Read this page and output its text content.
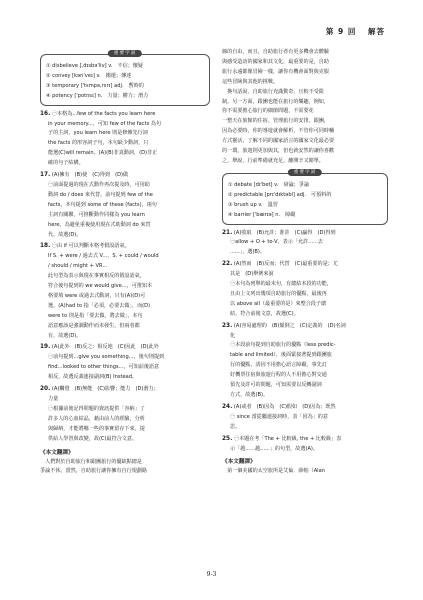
第 9 回 解答
重要字詞
① disbelieve [,dɪsbə'liv] v.　不信；懷疑
② convey [kən'veɪ] v.　搬運；傳達
③ temporary ['tɛmpə,rɛrɪ] adj.　暫時的
④ potency ['potnsɪ] n.　力量；權力；潛力
16. ㊀本格為...few of the facts you learn here
in your memory...，可知 few of the facts 為句
子的主詞，you learn here 則是修飾先行詞
the facts 的形容詞子句，本句缺少動詞，只
能選(C)will remain。(A)(B)非真動詞，(D)非正
確的句子結構。
17. (A)擁有　(B)使　(C)得到　(D)做
㊀前面提過的現在式動作再次提及時，可用助
動詞 do / does 來代替。前句提到 few of the
facts，本句提到 some of these (facts)，兩句
主詞有關聯，可推斷動作同樣為 you learn
here，為避免重複使用現在式助動詞 do 來替
代，故選(D)。
18. ㊀由 if 可以判斷本格考假設語氣。
If S. + were / 過去式 V...，S. + could / would
/ should / might + VR...
此句型為表示與現在事實相反的假設語氣，
符合後句提到的 we would give...，可推知本
格要填 were 或過去式動詞，只有(A)(D)可
選，(A)had to 指「必須，必要去做」，而(D)
were to 則是指「要去做，將去做」，本句
語意應該是強調動作而未發生，但兩者都
有，故選(D)。
19. (A)此外　(B)反之：相反地　(C)因此　(D)此外
㊀前句提到...give you something...，後句則提到
find...looked to other things...，可知前後語意
相反，故選反義連接副詞(B) Instead。
20. (A)觸覺　(B)無能　(C)影響；能力　(D)潛力；
力量
㊀根據前後記得問題的資訊提供「容納」了
許多人的心血結晶，藉由前人的經驗，分析
與歸納，才能將哪一些的事實留存下來，提
供給人學習與改變，故(C)最符合文意。
《本文翻譯》
　人們對於自助旅行和跟團旅行的優缺點總是
爭論不休。當然，自助旅行讓你擁有自行規劃路
線的自由，而且，自助旅行者有更多機會去體驗
與感受造訪的國家和其文化，最重要的是，自助
旅行永遠都像冒險一樣，讓你有機會面對與克服
這些冒險與其他的挑戰。
　換句話說，自助旅行充滿驚奇，且較不受限
制。另一方面，跟團也能在旅行的樂趣，例如，
你不需要擔心旅行的細節問題，不需要花
一整天在旅館的住宿、管理旅行的安排，跟團，
因為必要時，你的導遊就會解析，不管你可同時輔
方式靈活，了解不同的國家語言的國家文化最必要
的一環，旅遊則更加與其，但也就安然的讓你喜歡
之，舉說，行前準備就充足，離開辛又簡單。
重要字詞
① debate [dɪ'bet] v.　辯論；爭論
② predictable [prɪ'dɪktəbl] adj.　可預料的
③ brush up v.　溫習
④ barrier ['bærɪə] n.　障礙
21. (A)收取　(B)允許；准許　(C)贏得　(D)得到
㊀allow + O + to-V，表示「允許......去
......」，選(B)。
22. (A)然而　(B)反而；代替　(C)最重要的是；尤
其是　(D)舉例來說
㊀本句為列舉的最末句，有總結本段的功能，
且由上文列出幾項自助旅行的優點，最後再
以 above all（最重要的是）來整合段子總
結，符合前後文意，故選(C)。
23. (A)容易處理的　(B)顛倒之　(C)定義的　(D)名詞
化
㊀本段前句提到自助旅行的優點（less predic-
table and limited），後面緊接著提到跟團旅
行的優點，誘因不用擔心語言障礙，事先訂
好機票住宿與旅遊行程的人不用擔心對交通
預先及許可的問題，可知需要以反轉副詞
方式，故選(B)。
24. (A)或者　(B)因為　(C)假如　(D)因為；既然
㊀ since 當從屬連接詞時，表「因為」的意
思。
25. ㊀本題在考「The + 比較級, the + 比較級」表
示「越......越......」的句型，故選(A)。
《本文翻譯》
　第一個美國的太空旅所是艾倫．薛帕（Alan
9-3
